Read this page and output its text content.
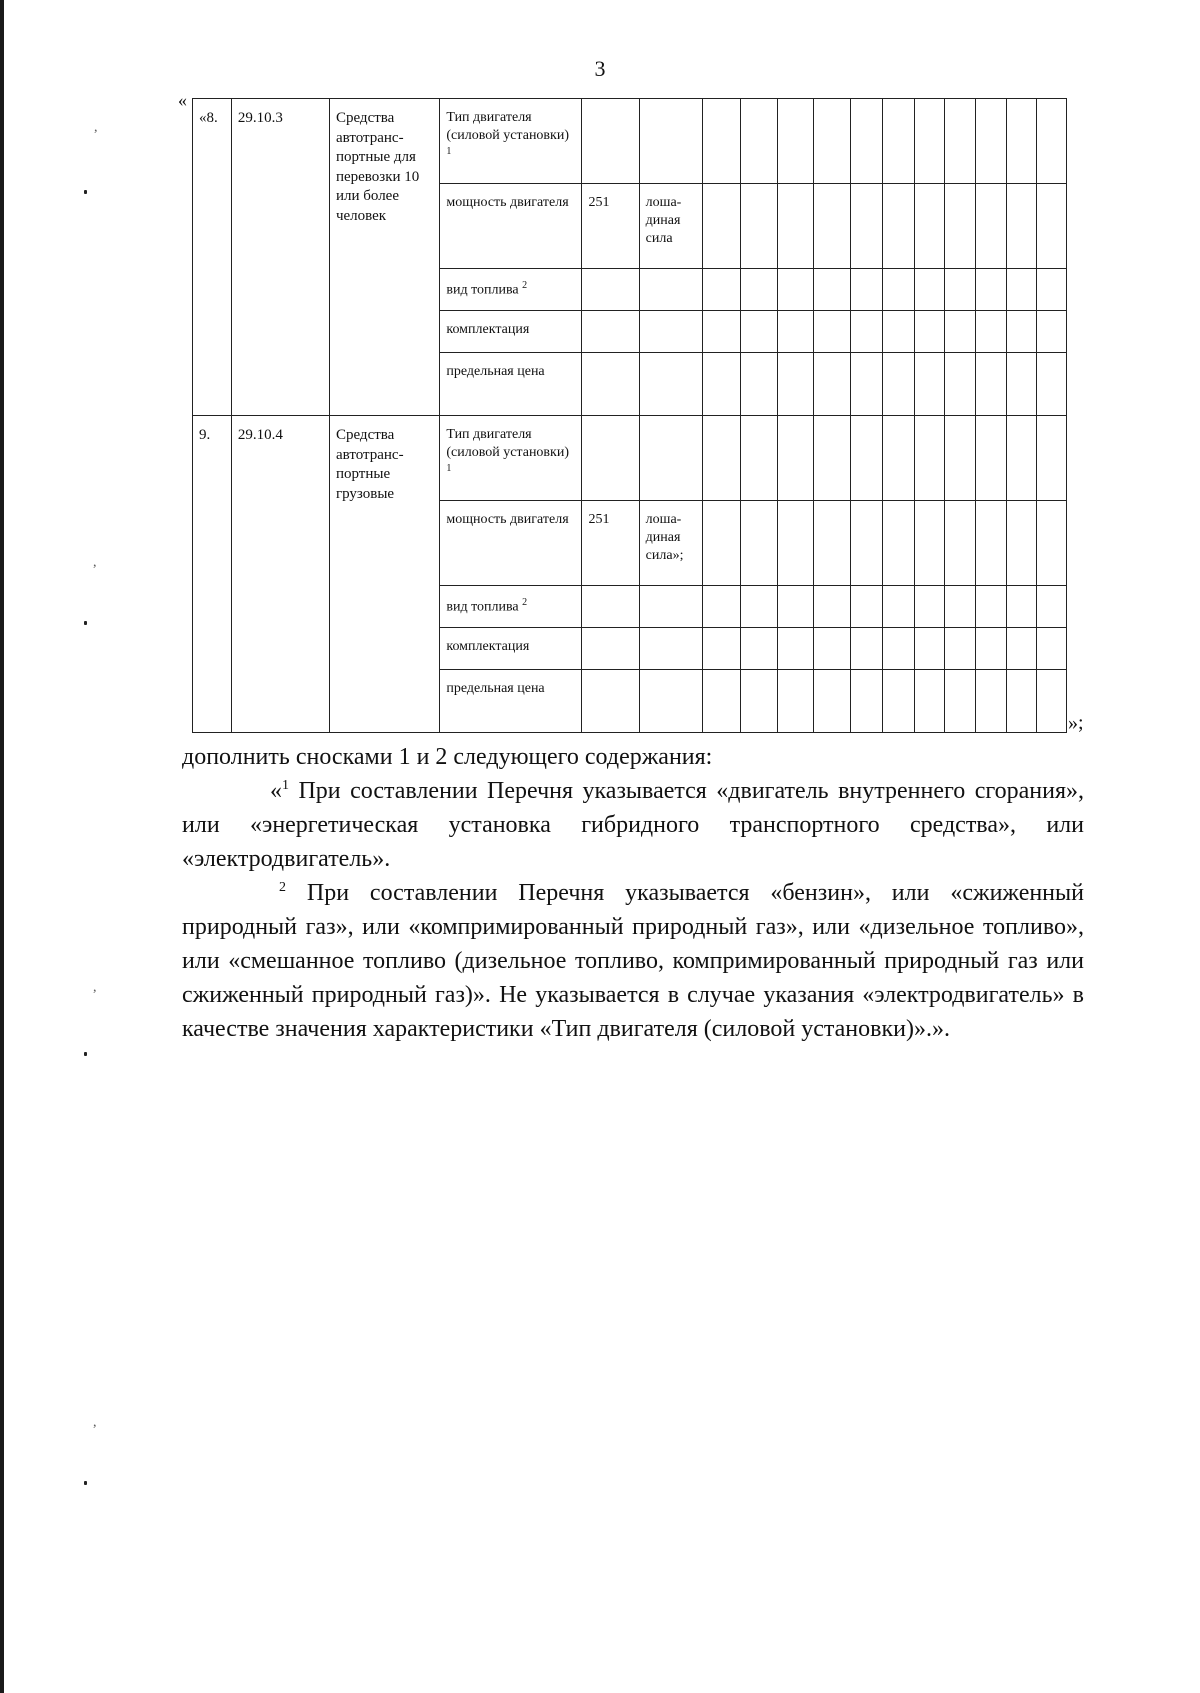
3
,
,
,
,
«
«8.	29.10.3	Средства автотранс-портные для перевозки 10 или более человек	Тип двигателя (силовой установки) $^1$													
			мощность двигателя	251	лоша-диная сила											
			вид топлива $^2$													
			комплектация													
			предельная цена													
9.	29.10.4	Средства автотранс-портные грузовые	Тип двигателя (силовой установки) $^1$													
			мощность двигателя	251	лоша-диная сила»;											
			вид топлива $^2$													
			комплектация													
			предельная цена													
»;

дополнить сносками 1 и 2 следующего содержания:

«$^1$ При составлении Перечня указывается «двигатель внутреннего сгорания», или «энергетическая установка гибридного транспортного средства», или «электродвигатель».

$^2$ При составлении Перечня указывается «бензин», или «сжиженный природный газ», или «компримированный природный газ», или «дизельное топливо», или «смешанное топливо (дизельное топливо, компримированный природный газ или сжиженный природный газ)». Не указывается в случае указания «электродвигатель» в качестве значения характеристики «Тип двигателя (силовой установки)».».
